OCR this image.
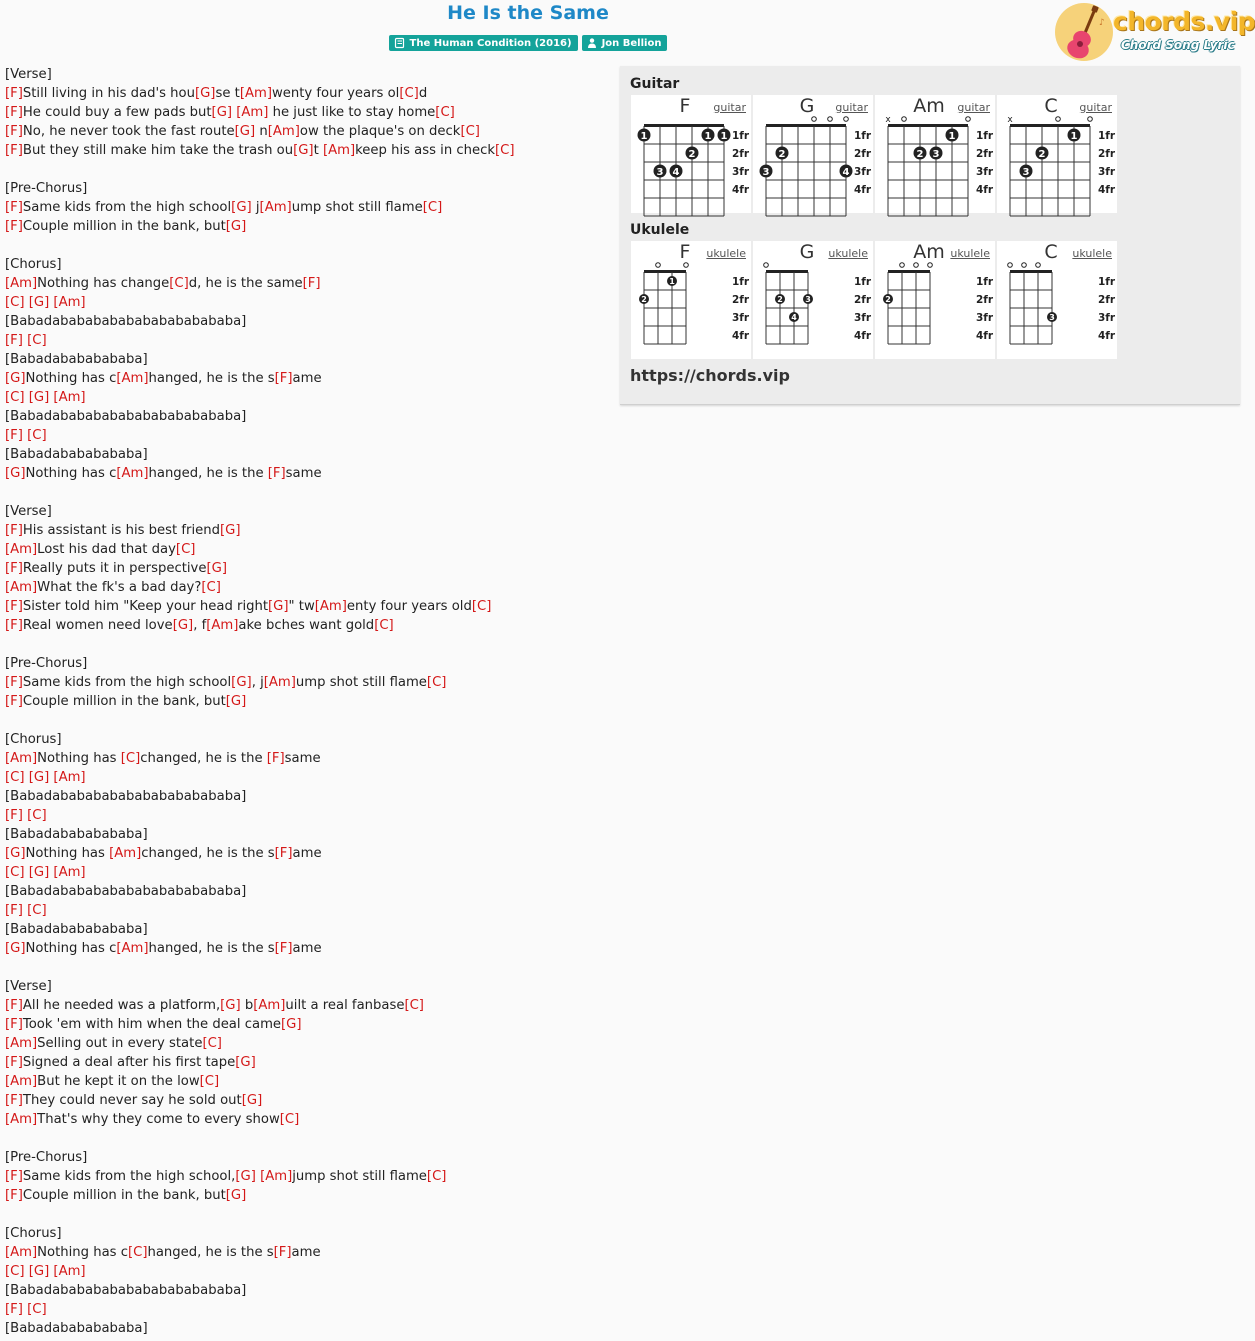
He Is the Same
The Human Condition (2016)
	Jon Bellion
♪ chords.vip
Chord Song Lyric
[Verse]
[F]Still living in his dad's hou[G]se t[Am]wenty four years ol[C]d
[F]He could buy a few pads but[G] [Am] he just like to stay home[C]
[F]No, he never took the fast route[G] n[Am]ow the plaque's on deck[C]
[F]But they still make him take the trash ou[G]t [Am]keep his ass in check[C]
[Pre-Chorus]
[F]Same kids from the high school[G] j[Am]ump shot still flame[C]
[F]Couple million in the bank, but[G]
[Chorus]
[Am]Nothing has change[C]d, he is the same[F]
[C] [G] [Am]
[Babadabababababababababababa]
[F] [C]
[Babadabababababa]
[G]Nothing has c[Am]hanged, he is the s[F]ame
[C] [G] [Am]
[Babadabababababababababababa]
[F] [C]
[Babadabababababa]
[G]Nothing has c[Am]hanged, he is the [F]same
[Verse]
[F]His assistant is his best friend[G]
[Am]Lost his dad that day[C]
[F]Really puts it in perspective[G]
[Am]What the fk's a bad day?[C]
[F]Sister told him "Keep your head right[G]" tw[Am]enty four years old[C]
[F]Real women need love[G], f[Am]ake bches want gold[C]
[Pre-Chorus]
[F]Same kids from the high school[G], j[Am]ump shot still flame[C]
[F]Couple million in the bank, but[G]
[Chorus]
[Am]Nothing has [C]changed, he is the [F]same
[C] [G] [Am]
[Babadabababababababababababa]
[F] [C]
[Babadabababababa]
[G]Nothing has [Am]changed, he is the s[F]ame
[C] [G] [Am]
[Babadabababababababababababa]
[F] [C]
[Babadabababababa]
[G]Nothing has c[Am]hanged, he is the s[F]ame
[Verse]
[F]All he needed was a platform,[G] b[Am]uilt a real fanbase[C]
[F]Took 'em with him when the deal came[G]
[Am]Selling out in every state[C]
[F]Signed a deal after his first tape[G]
[Am]But he kept it on the low[C]
[F]They could never say he sold out[G]
[Am]That's why they come to every show[C]
[Pre-Chorus]
[F]Same kids from the high school,[G] [Am]jump shot still flame[C]
[F]Couple million in the bank, but[G]
[Chorus]
[Am]Nothing has c[C]hanged, he is the s[F]ame
[C] [G] [Am]
[Babadabababababababababababa]
[F] [C]
[Babadabababababa]
Guitar
1	1 1
3 4
2
1fr
2fr
3fr
4fr
F	guitar
2
3	4
1fr
2fr
3fr
4fr
G	guitar
x
1
2 3
1fr
2fr
3fr
4fr
Am	guitar
x
1
2
3
1fr
2fr
3fr
4fr
C	guitar
Ukulele
1
2
1fr
2fr
3fr
4fr
F	ukulele
2	3
4
1fr
2fr
3fr
4fr
G	ukulele
2
1fr
2fr
3fr
4fr
Am ukulele
3
1fr
2fr
3fr
4fr
C	ukulele
https://chords.vip
